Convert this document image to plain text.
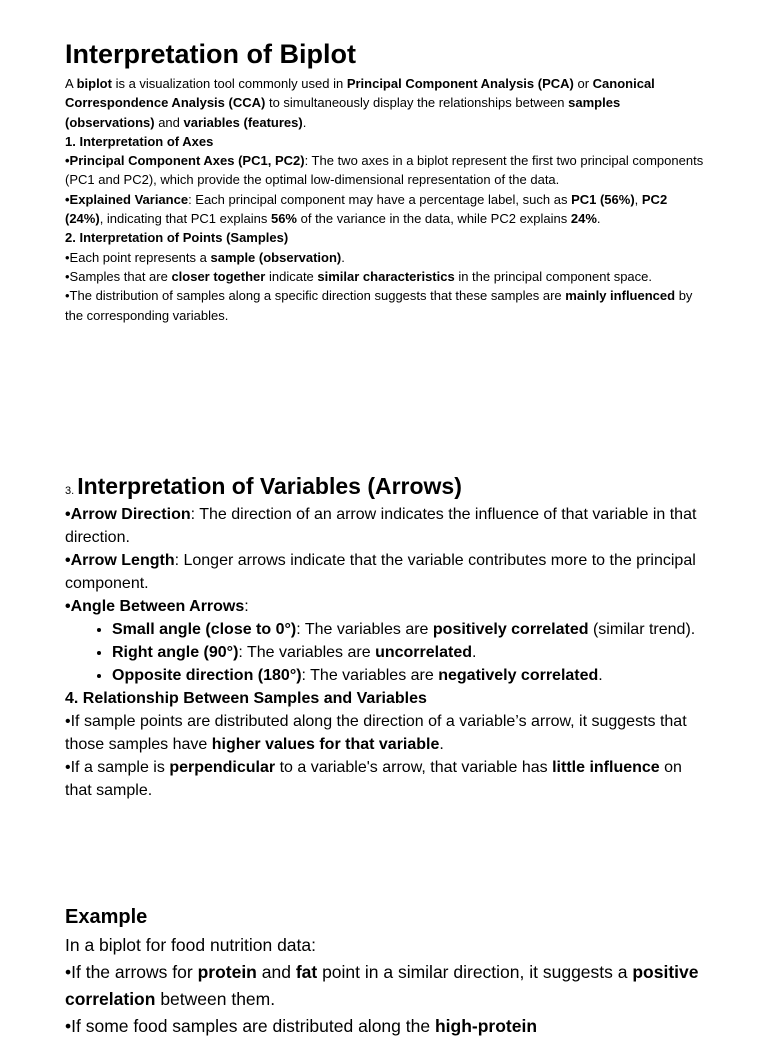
Interpretation of Biplot

A biplot is a visualization tool commonly used in Principal Component Analysis (PCA) or Canonical Correspondence Analysis (CCA) to simultaneously display the relationships between samples (observations) and variables (features).

1. Interpretation of Axes

•Principal Component Axes (PC1, PC2): The two axes in a biplot represent the first two principal components (PC1 and PC2), which provide the optimal low-dimensional representation of the data.

•Explained Variance: Each principal component may have a percentage label, such as PC1 (56%), PC2 (24%), indicating that PC1 explains 56% of the variance in the data, while PC2 explains 24%.

2. Interpretation of Points (Samples)

•Each point represents a sample (observation).

•Samples that are closer together indicate similar characteristics in the principal component space.

•The distribution of samples along a specific direction suggests that these samples are mainly influenced by the corresponding variables.

3. Interpretation of Variables (Arrows)

•Arrow Direction: The direction of an arrow indicates the influence of that variable in that direction.

•Arrow Length: Longer arrows indicate that the variable contributes more to the principal component.

•Angle Between Arrows:

• Small angle (close to 0°): The variables are positively correlated (similar trend).
• Right angle (90°): The variables are uncorrelated.
• Opposite direction (180°): The variables are negatively correlated.

4. Relationship Between Samples and Variables

•If sample points are distributed along the direction of a variable’s arrow, it suggests that those samples have higher values for that variable.

•If a sample is perpendicular to a variable's arrow, that variable has little influence on that sample.

Example

In a biplot for food nutrition data:

•If the arrows for protein and fat point in a similar direction, it suggests a positive correlation between them.

•If some food samples are distributed along the high-protein
